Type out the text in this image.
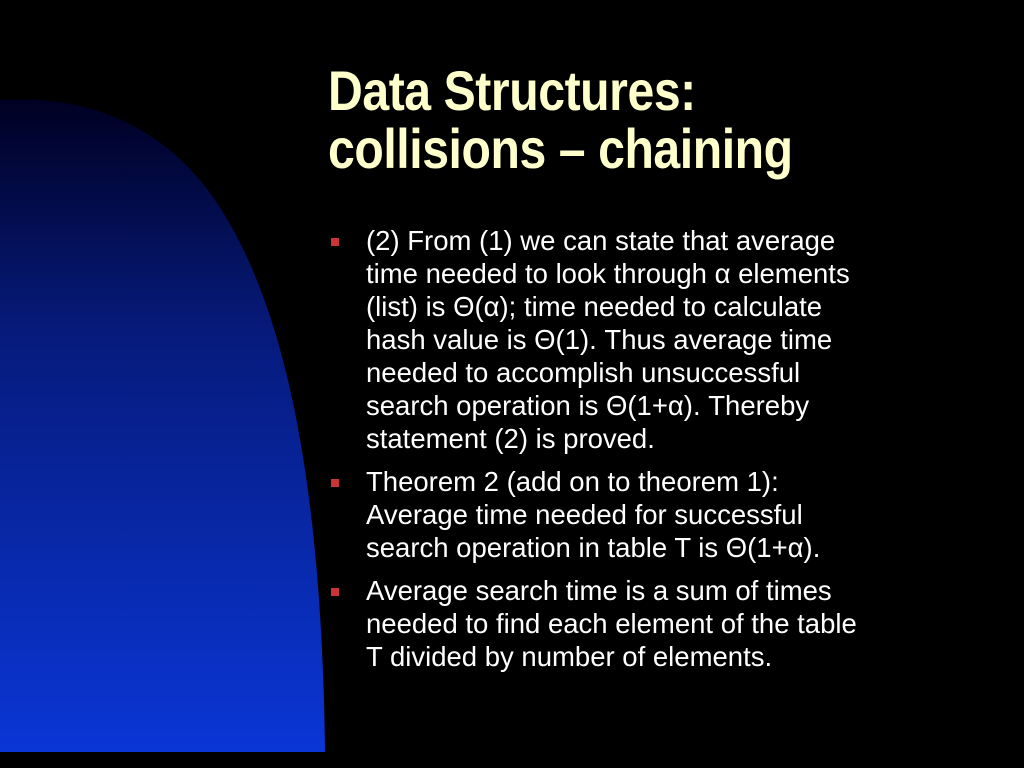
Data Structures:
collisions – chaining
(2) From (1) we can state that average
time needed to look through α elements
(list) is Θ(α); time needed to calculate
hash value is Θ(1). Thus average time
needed to accomplish unsuccessful
search operation is Θ(1+α). Thereby
statement (2) is proved.
Theorem 2 (add on to theorem 1):
Average time needed for successful
search operation in table T is Θ(1+α).
Average search time is a sum of times
needed to find each element of the table
T divided by number of elements.
